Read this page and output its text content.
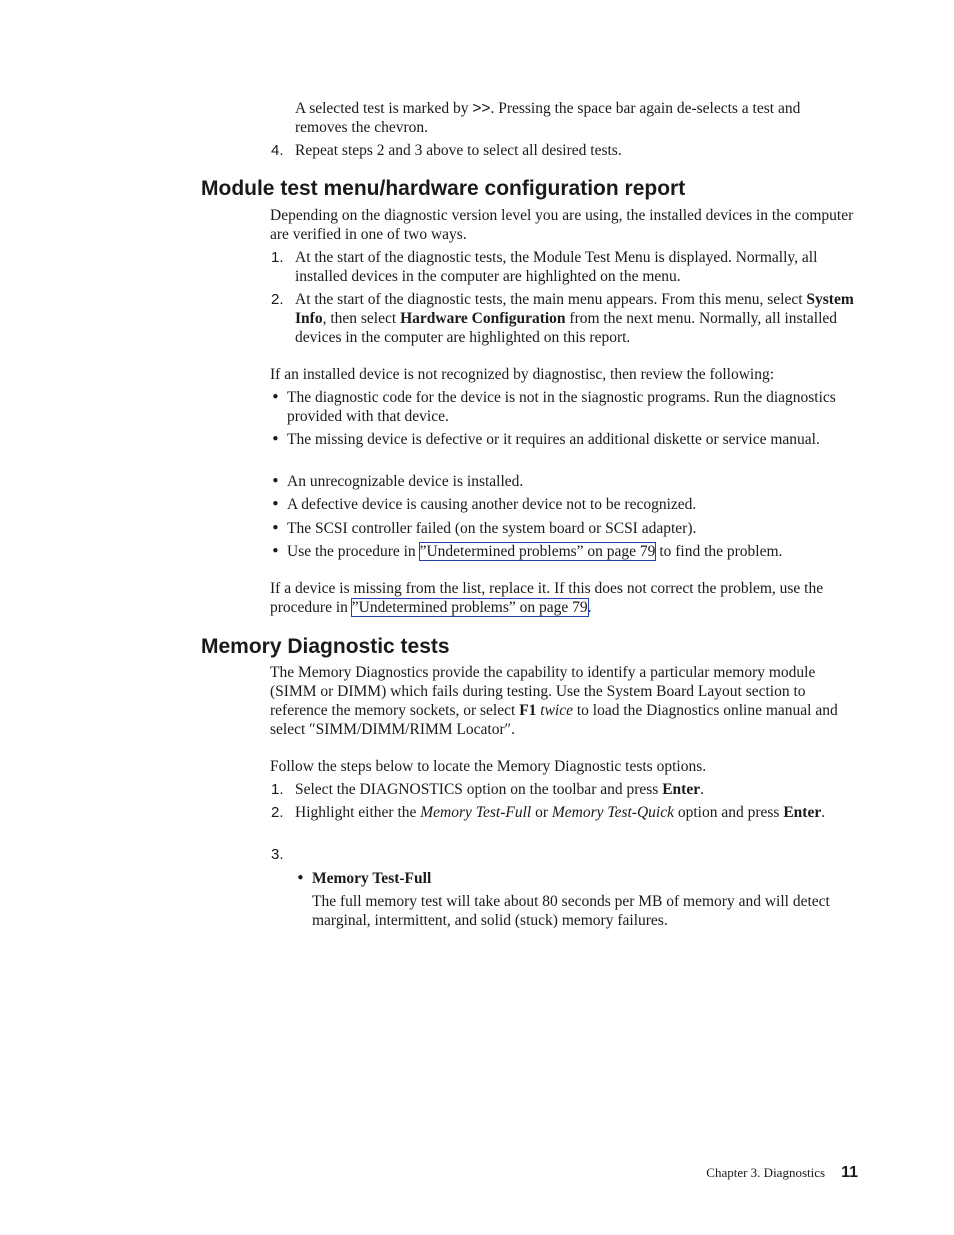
A selected test is marked by >>. Pressing the space bar again de-selects a test and removes the chevron.
4. Repeat steps 2 and 3 above to select all desired tests.
Module test menu/hardware configuration report
Depending on the diagnostic version level you are using, the installed devices in the computer are verified in one of two ways.
1. At the start of the diagnostic tests, the Module Test Menu is displayed. Normally, all installed devices in the computer are highlighted on the menu.
2. At the start of the diagnostic tests, the main menu appears. From this menu, select System Info, then select Hardware Configuration from the next menu. Normally, all installed devices in the computer are highlighted on this report.
If an installed device is not recognized by diagnostisc, then review the following:
• The diagnostic code for the device is not in the siagnostic programs. Run the diagnostics provided with that device.
• The missing device is defective or it requires an additional diskette or service manual.
• An unrecognizable device is installed.
• A defective device is causing another device not to be recognized.
• The SCSI controller failed (on the system board or SCSI adapter).
• Use the procedure in ”Undetermined problems” on page 79 to find the problem.
If a device is missing from the list, replace it. If this does not correct the problem, use the procedure in ”Undetermined problems” on page 79.
Memory Diagnostic tests
The Memory Diagnostics provide the capability to identify a particular memory module (SIMM or DIMM) which fails during testing. Use the System Board Layout section to reference the memory sockets, or select F1 twice to load the Diagnostics online manual and select ″SIMM/DIMM/RIMM Locator″.
Follow the steps below to locate the Memory Diagnostic tests options.
1. Select the DIAGNOSTICS option on the toolbar and press Enter.
2. Highlight either the Memory Test-Full or Memory Test-Quick option and press Enter.
3.
• Memory Test-Full
The full memory test will take about 80 seconds per MB of memory and will detect marginal, intermittent, and solid (stuck) memory failures.
Chapter 3. Diagnostics 11
